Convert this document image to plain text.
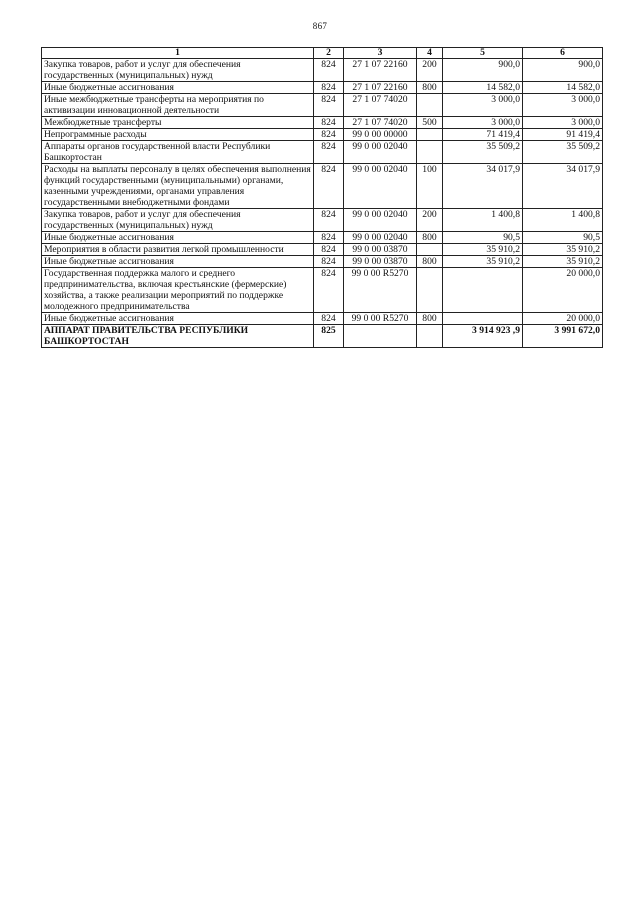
867
1	2	3	4	5	6
Закупка товаров, работ и услуг для обеспечения государственных (муниципальных) нужд	824	27 1 07 22160	200	900,0	900,0
Иные бюджетные ассигнования	824	27 1 07 22160	800	14 582,0	14 582,0
Иные межбюджетные трансферты на мероприятия по активизации инновационной деятельности	824	27 1 07 74020		3 000,0	3 000,0
Межбюджетные трансферты	824	27 1 07 74020	500	3 000,0	3 000,0
Непрограммные расходы	824	99 0 00 00000		71 419,4	91 419,4
Аппараты органов государственной власти Республики Башкортостан	824	99 0 00 02040		35 509,2	35 509,2
Расходы на выплаты персоналу в целях обеспечения выполнения функций государственными (муниципальными) органами, казенными учреждениями, органами управления государственными внебюджетными фондами	824	99 0 00 02040	100	34 017,9	34 017,9
Закупка товаров, работ и услуг для обеспечения государственных (муниципальных) нужд	824	99 0 00 02040	200	1 400,8	1 400,8
Иные бюджетные ассигнования	824	99 0 00 02040	800	90,5	90,5
Мероприятия в области развития легкой промышленности	824	99 0 00 03870		35 910,2	35 910,2
Иные бюджетные ассигнования	824	99 0 00 03870	800	35 910,2	35 910,2
Государственная поддержка малого и среднего предпринимательства, включая крестьянские (фермерские) хозяйства, а также реализации мероприятий по поддержке молодежного предпринимательства	824	99 0 00 R5270			20 000,0
Иные бюджетные ассигнования	824	99 0 00 R5270	800		20 000,0
АППАРАТ ПРАВИТЕЛЬСТВА РЕСПУБЛИКИ БАШКОРТОСТАН	825			3 914 923 ,9	3 991 672,0
